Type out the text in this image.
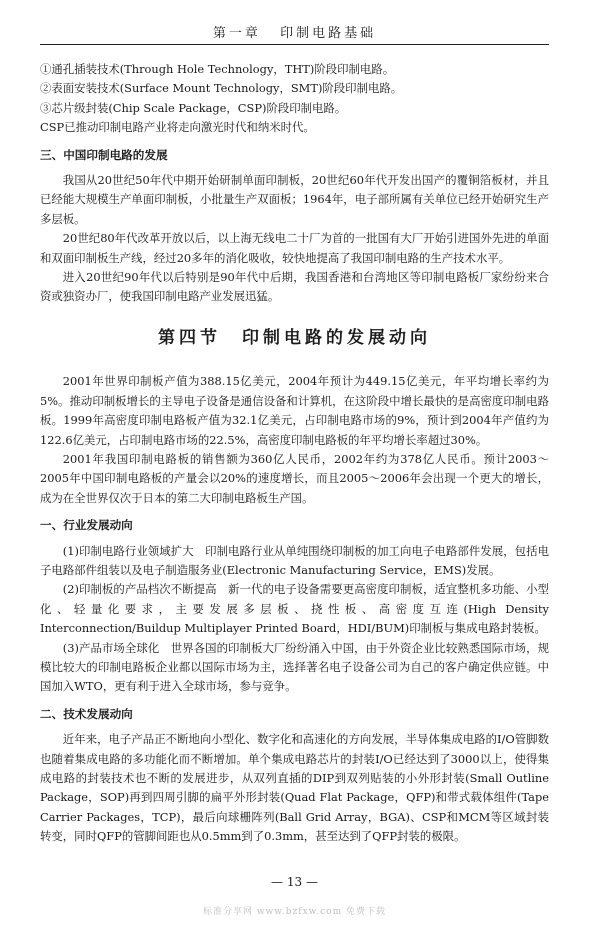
第一章 印制电路基础
①通孔插装技术(Through Hole Technology，THT)阶段印制电路。
②表面安装技术(Surface Mount Technology，SMT)阶段印制电路。
③芯片级封装(Chip Scale Package，CSP)阶段印制电路。
CSP已推动印制电路产业将走向激光时代和纳米时代。
三、中国印制电路的发展

我国从20世纪50年代中期开始研制单面印制板，20世纪60年代开发出国产的覆铜箔板材，并且已经能大规模生产单面印制板，小批量生产双面板；1964年，电子部所属有关单位已经开始研究生产多层板。

20世纪80年代改革开放以后，以上海无线电二十厂为首的一批国有大厂开始引进国外先进的单面和双面印制板生产线，经过20多年的消化吸收，较快地提高了我国印制电路的生产技术水平。

进入20世纪90年代以后特别是90年代中后期，我国香港和台湾地区等印制电路板厂家纷纷来合资或独资办厂，使我国印制电路产业发展迅猛。

第四节　印制电路的发展动向

2001年世界印制板产值为388.15亿美元，2004年预计为449.15亿美元，年平均增长率约为5%。推动印制板增长的主导电子设备是通信设备和计算机，在这阶段中增长最快的是高密度印制电路板。1999年高密度印制电路板产值为32.1亿美元，占印制电路市场的9%，预计到2004年产值约为122.6亿美元，占印制电路市场的22.5%，高密度印制电路板的年平均增长率超过30%。

2001年我国印制电路板的销售额为360亿人民币，2002年约为378亿人民币。预计2003～2005年中国印制电路板的产量会以20%的速度增长，而且2005～2006年会出现一个更大的增长，成为在全世界仅次于日本的第二大印制电路板生产国。

一、行业发展动向

(1)印制电路行业领域扩大　印制电路行业从单纯围绕印制板的加工向电子电路部件发展，包括电子电路部件组装以及电子制造服务业(Electronic Manufacturing Service，EMS)发展。

(2)印制板的产品档次不断提高　新一代的电子设备需要更高密度印制板，适宜整机多功能、小型化、轻量化要求，主要发展多层板、挠性板、高密度互连(High Density Interconnection/Buildup Multiplayer Printed Board，HDI/BUM)印制板与集成电路封装板。

(3)产品市场全球化　世界各国的印制板大厂纷纷涌入中国，由于外资企业比较熟悉国际市场，规模比较大的印制电路板企业都以国际市场为主，选择著名电子设备公司为自己的客户确定供应链。中国加入WTO，更有利于进入全球市场，参与竞争。

二、技术发展动向

近年来，电子产品正不断地向小型化、数字化和高速化的方向发展，半导体集成电路的I/O管脚数也随着集成电路的多功能化而不断增加。单个集成电路芯片的封装I/O已经达到了3000以上，使得集成电路的封装技术也不断的发展进步，从双列直插的DIP到双列贴装的小外形封装(Small Outline Package，SOP)再到四周引脚的扁平外形封装(Quad Flat Package，QFP)和带式载体组件(Tape Carrier Packages，TCP)，最后向球栅阵列(Ball Grid Array，BGA)、CSP和MCM等区域封装转变，同时QFP的管脚间距也从0.5mm到了0.3mm，甚至达到了QFP封装的极限。

— 13 —
标准分享网 www.bzfxw.com 免费下载
